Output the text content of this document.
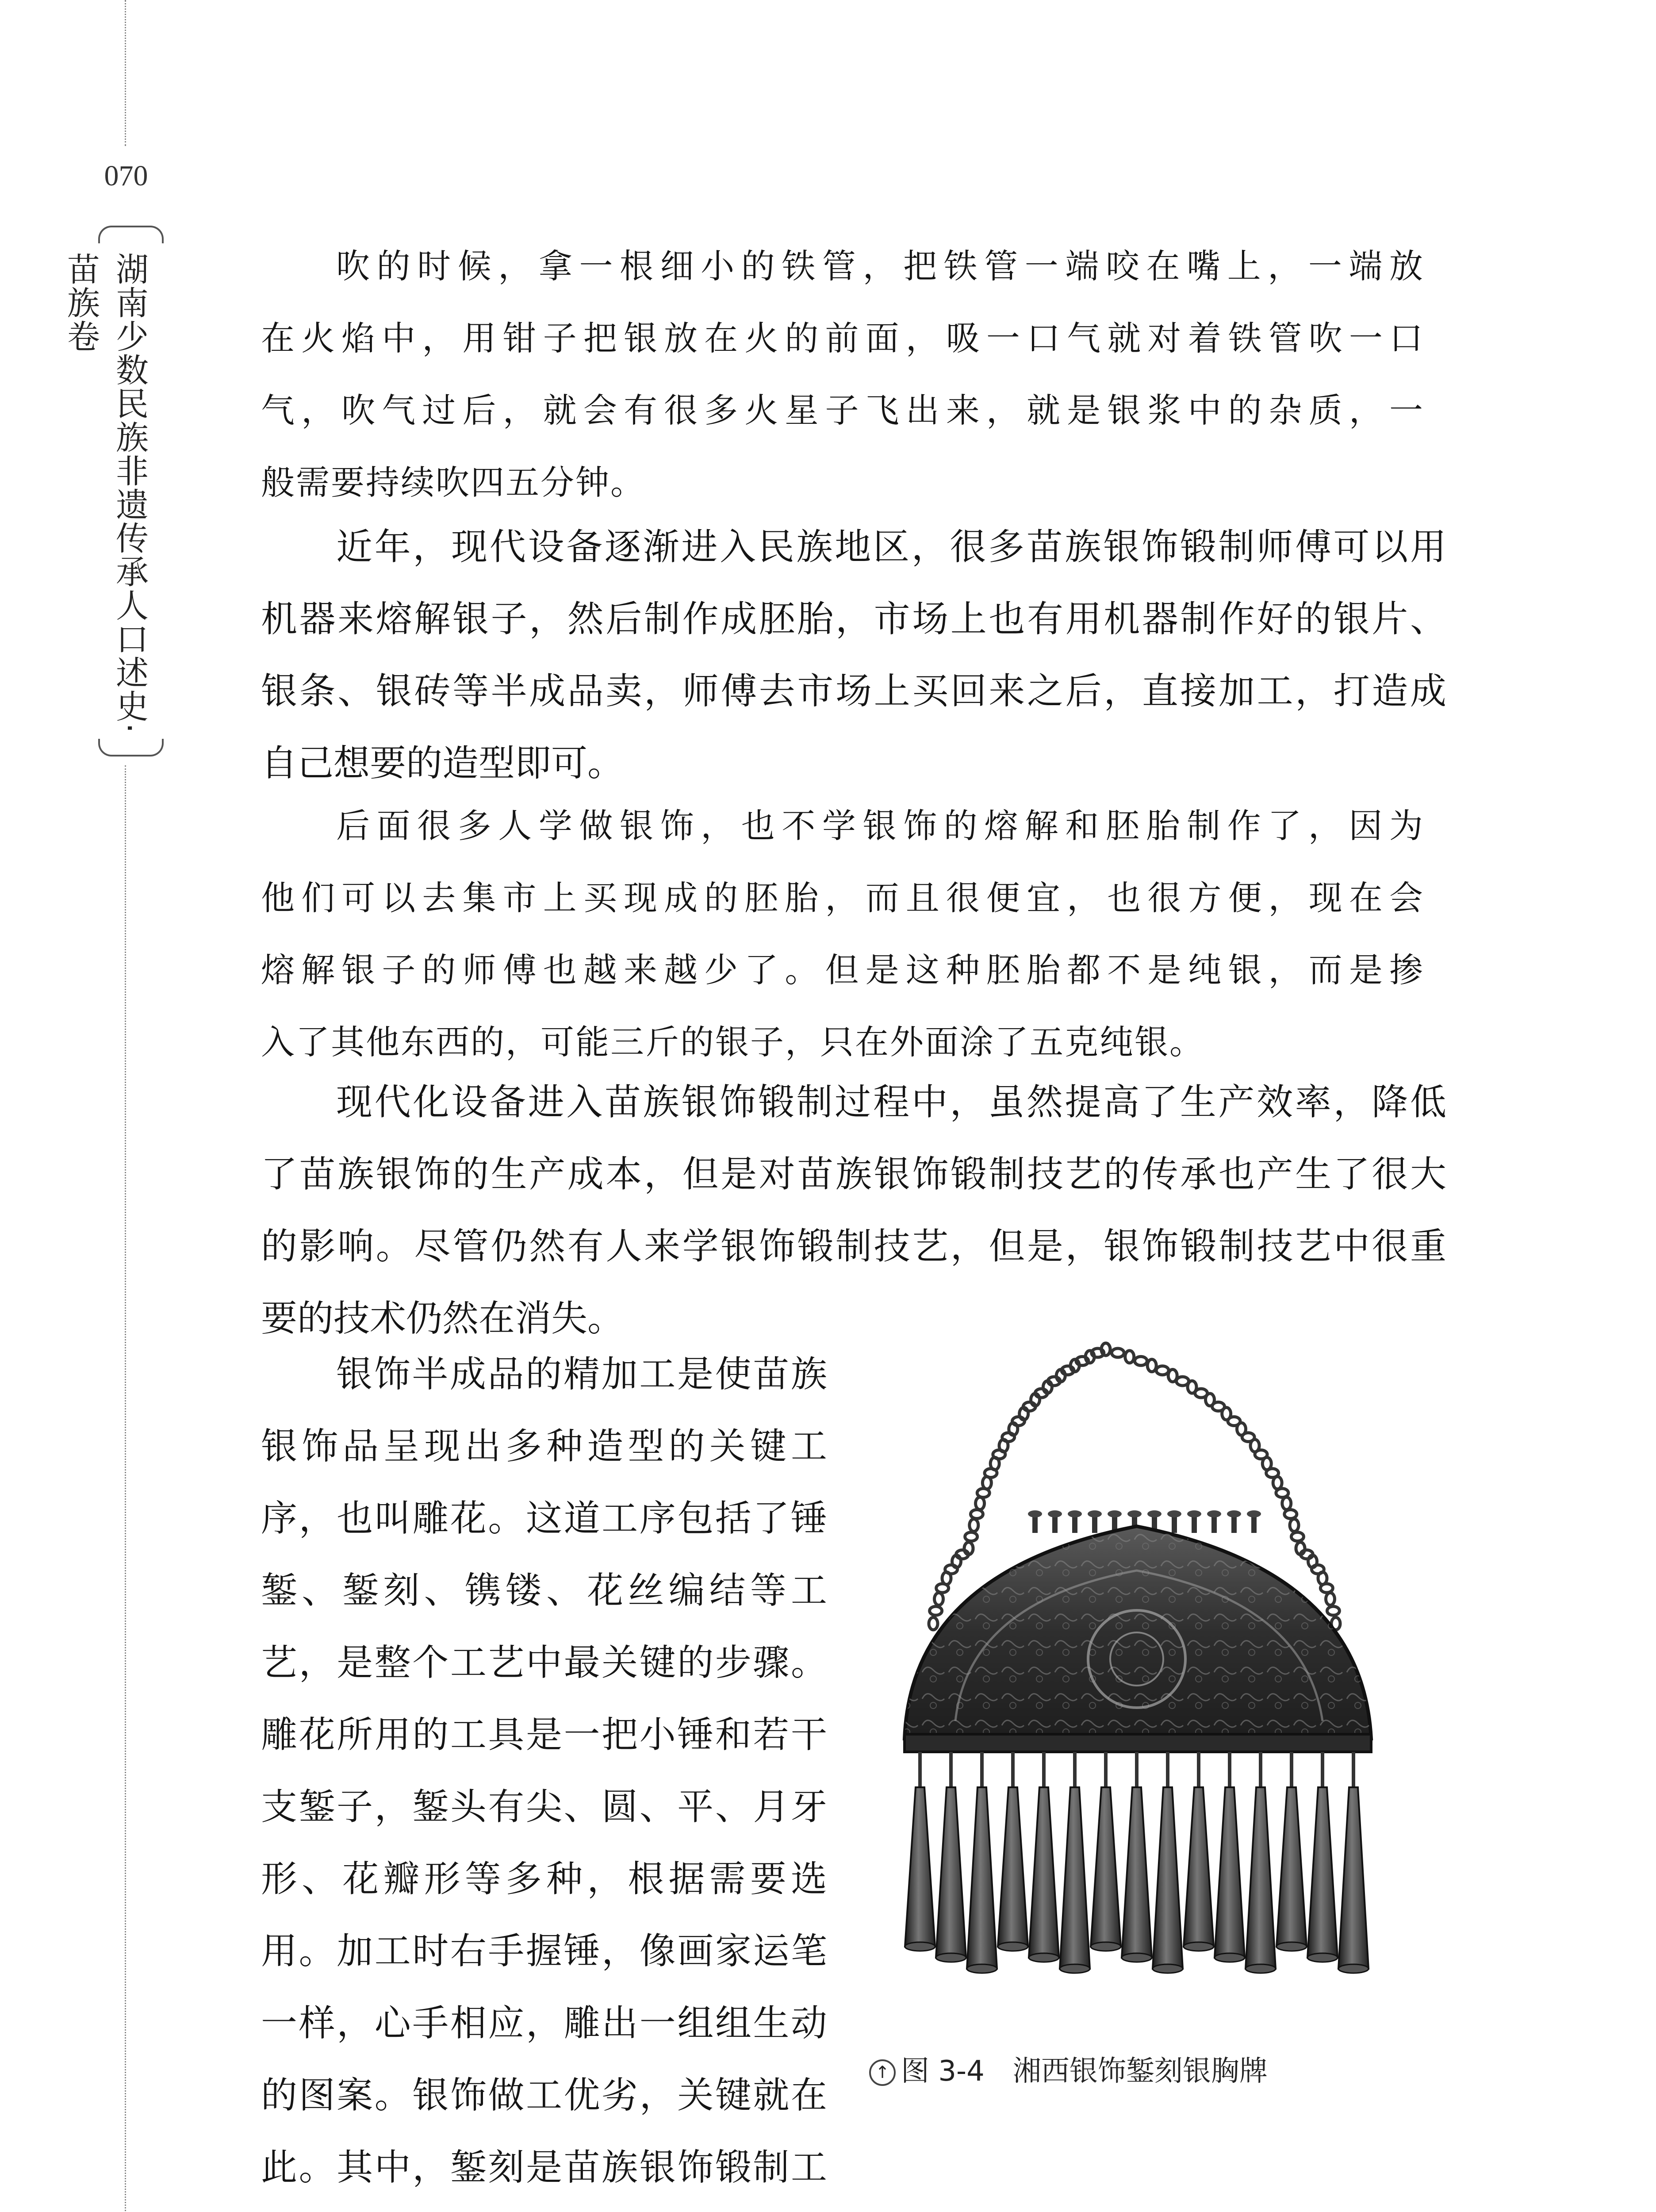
070
湖南少数民族非遗传承人口述史·苗族卷	吹的时候，拿一根细小的铁管，把铁管一端咬在嘴上，一端放
在火焰中，用钳子把银放在火的前面，吸一口气就对着铁管吹一口
气，吹气过后，就会有很多火星子飞出来，就是银浆中的杂质，一
般需要持续吹四五分钟。
近年，现代设备逐渐进入民族地区，很多苗族银饰锻制师傅可以用
机器来熔解银子，然后制作成胚胎，市场上也有用机器制作好的银片、
银条、银砖等半成品卖，师傅去市场上买回来之后，直接加工，打造成
自己想要的造型即可。
后面很多人学做银饰，也不学银饰的熔解和胚胎制作了，因为
他们可以去集市上买现成的胚胎，而且很便宜，也很方便，现在会
熔解银子的师傅也越来越少了。但是这种胚胎都不是纯银，而是掺
入了其他东西的，可能三斤的银子，只在外面涂了五克纯银。
现代化设备进入苗族银饰锻制过程中，虽然提高了生产效率，降低
了苗族银饰的生产成本，但是对苗族银饰锻制技艺的传承也产生了很大
的影响。尽管仍然有人来学银饰锻制技艺，但是，银饰锻制技艺中很重
要的技术仍然在消失。
银饰半成品的精加工是使苗族
银饰品呈现出多种造型的关键工
序，也叫雕花。这道工序包括了锤
錾、錾刻、镌镂、花丝编结等工
艺，是整个工艺中最关键的步骤。
雕花所用的工具是一把小锤和若干
支錾子，錾头有尖、圆、平、月牙
形、花瓣形等多种，根据需要选
用。加工时右手握锤，像画家运笔
一样，心手相应，雕出一组组生动
的图案。银饰做工优劣，关键就在
此。其中，錾刻是苗族银饰锻制工
↑ 图 3-4　湘西银饰錾刻银胸牌
